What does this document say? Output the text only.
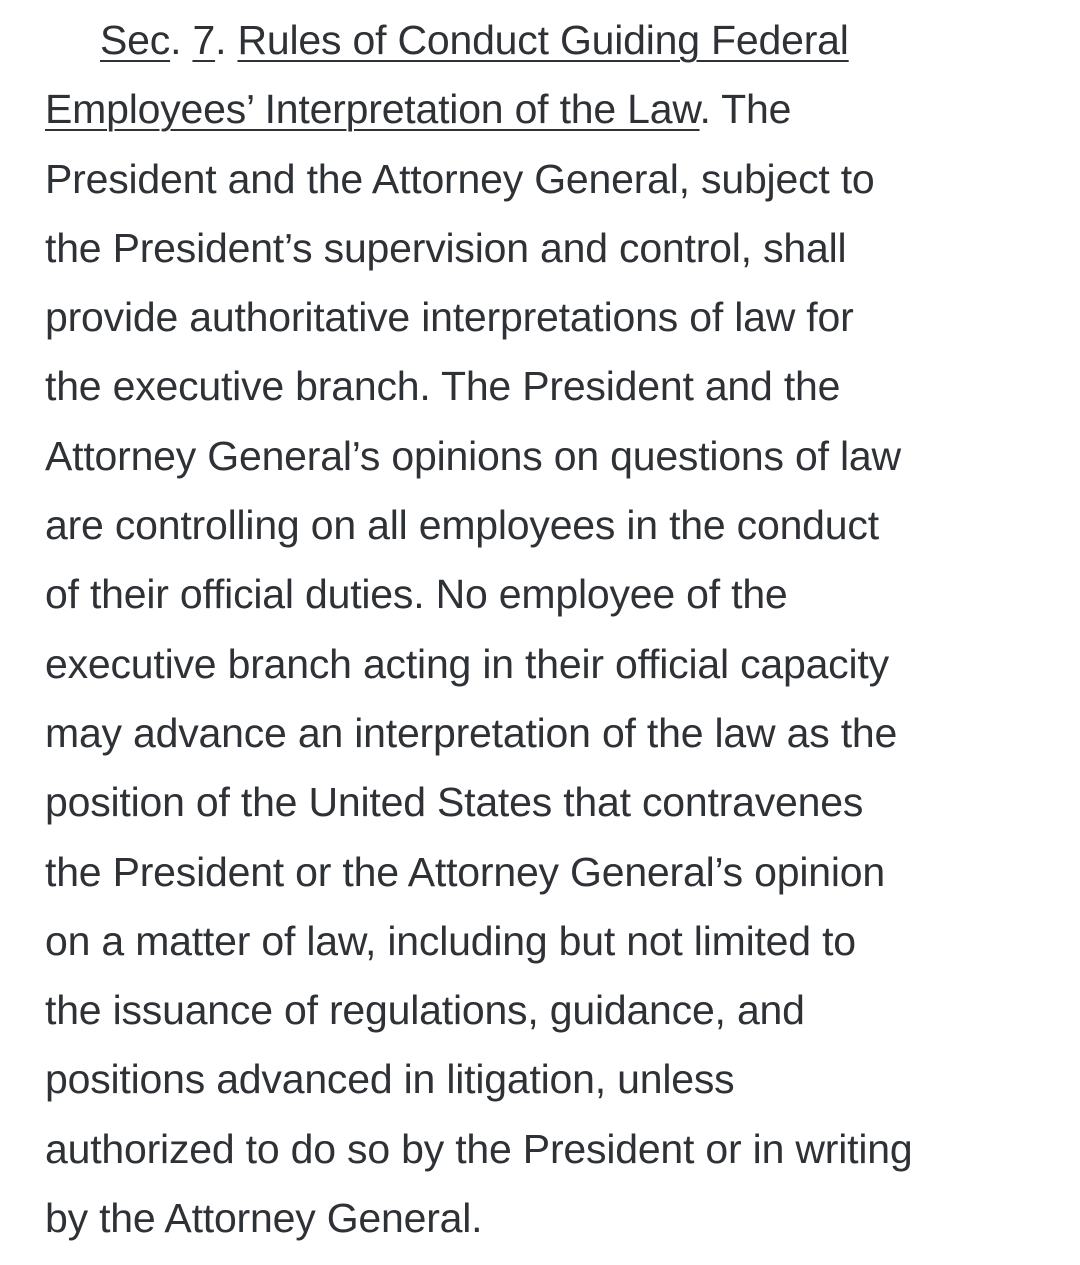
Sec. 7. Rules of Conduct Guiding Federal
Employees’ Interpretation of the Law. The
President and the Attorney General, subject to
the President’s supervision and control, shall
provide authoritative interpretations of law for
the executive branch. The President and the
Attorney General’s opinions on questions of law
are controlling on all employees in the conduct
of their official duties. No employee of the
executive branch acting in their official capacity
may advance an interpretation of the law as the
position of the United States that contravenes
the President or the Attorney General’s opinion
on a matter of law, including but not limited to
the issuance of regulations, guidance, and
positions advanced in litigation, unless
authorized to do so by the President or in writing
by the Attorney General.
